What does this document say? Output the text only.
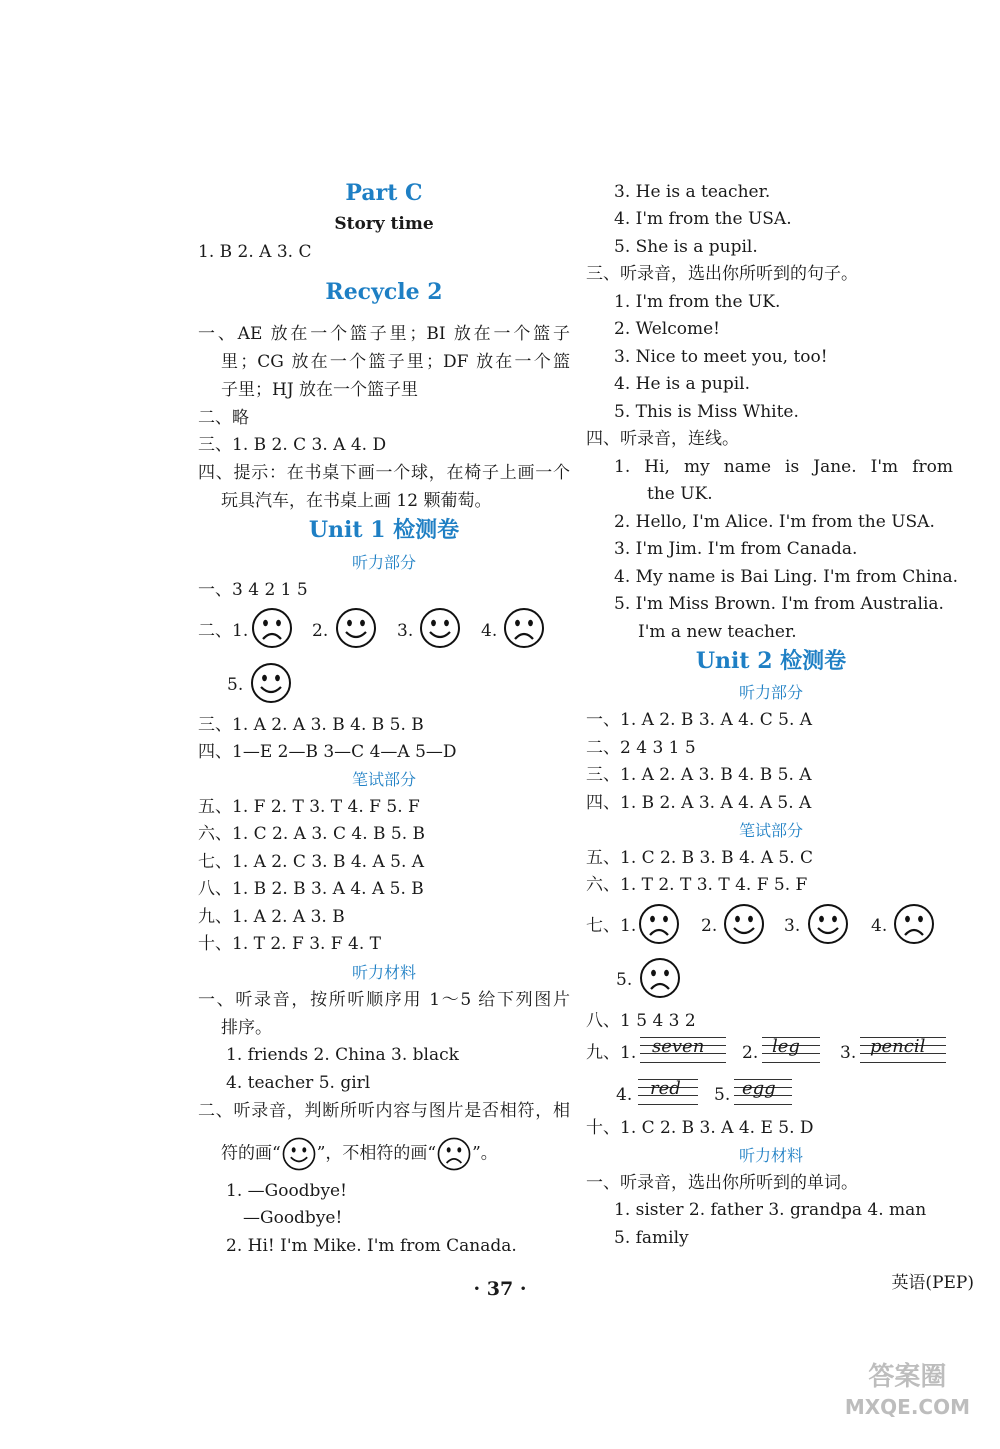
Part C
Story time
1. B 2. A 3. C
Recycle 2
一、AE 放在一个篮子里；BI 放在一个篮子
里；CG 放在一个篮子里；DF 放在一个篮
子里；HJ 放在一个篮子里
二、略
三、1. B 2. C 3. A 4. D
四、提示：在书桌下画一个球，在椅子上画一个
玩具汽车，在书桌上画 12 颗葡萄。
Unit 1 检测卷
听力部分
一、3 4 2 1 5
二、1.	2.	3.	4.
5.
三、1. A 2. A 3. B 4. B 5. B
四、1—E 2—B 3—C 4—A 5—D
笔试部分
五、1. F 2. T 3. T 4. F 5. F
六、1. C 2. A 3. C 4. B 5. B
七、1. A 2. C 3. B 4. A 5. A
八、1. B 2. B 3. A 4. A 5. B
九、1. A 2. A 3. B
十、1. T 2. F 3. F 4. T
听力材料
一、听录音，按所听顺序用 1～5 给下列图片
排序。
1. friends 2. China 3. black
4. teacher 5. girl
二、听录音，判断所听内容与图片是否相符，相
符的画“ ”，不相符的画“ ”。
1. —Goodbye!
—Goodbye!
2. Hi! I'm Mike. I'm from Canada.
3. He is a teacher.
4. I'm from the USA.
5. She is a pupil.
三、听录音，选出你所听到的句子。
1. I'm from the UK.
2. Welcome!
3. Nice to meet you, too!
4. He is a pupil.
5. This is Miss White.
四、听录音，连线。
1. Hi, my name is Jane. I'm from
the UK.
2. Hello, I'm Alice. I'm from the USA.
3. I'm Jim. I'm from Canada.
4. My name is Bai Ling. I'm from China.
5. I'm Miss Brown. I'm from Australia.
I'm a new teacher.
Unit 2 检测卷
听力部分
一、1. A 2. B 3. A 4. C 5. A
二、2 4 3 1 5
三、1. A 2. A 3. B 4. B 5. A
四、1. B 2. A 3. A 4. A 5. A
笔试部分
五、1. C 2. B 3. B 4. A 5. C
六、1. T 2. T 3. T 4. F 5. F
七、1.	2.	3.	4.
5.
八、1 5 4 3 2
九、1. seven 2. leg 3. pencil
4. red 5. egg
十、1. C 2. B 3. A 4. E 5. D
听力材料
一、听录音，选出你所听到的单词。
1. sister 2. father 3. grandpa 4. man
5. family
英语(PEP)
· 37 ·
答案圈
MXQE.COM
